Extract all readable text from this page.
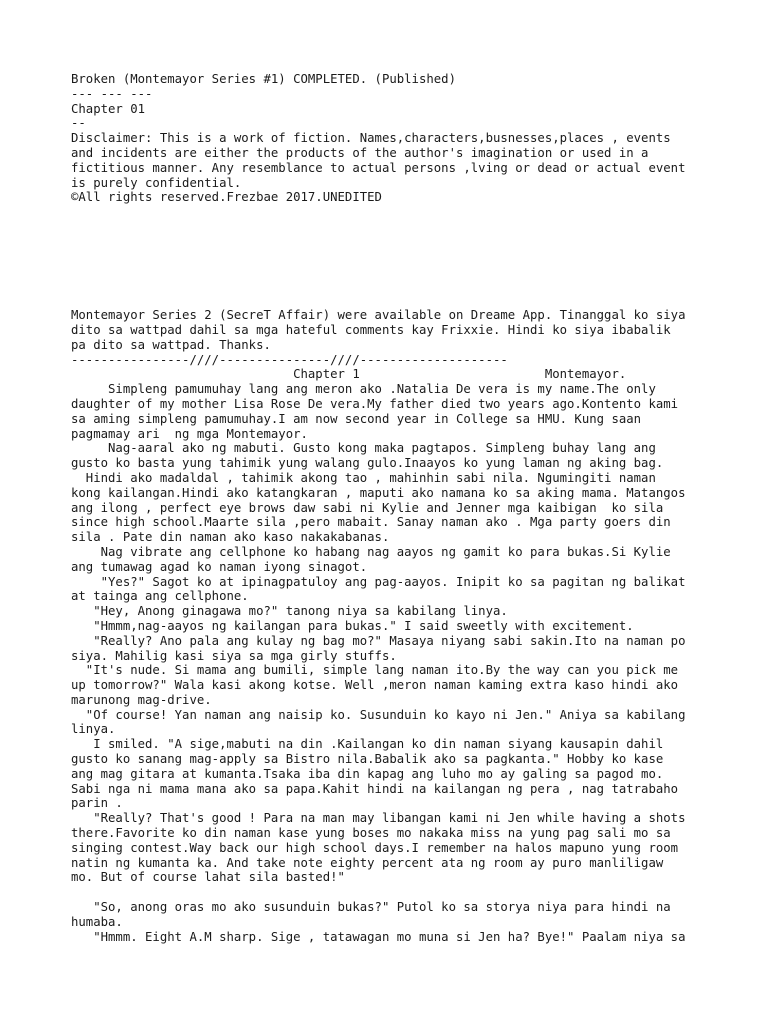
Broken (Montemayor Series #1) COMPLETED. (Published)
--- --- ---
Chapter 01
--
Disclaimer: This is a work of fiction. Names,characters,busnesses,places , events
and incidents are either the products of the author's imagination or used in a
fictitious manner. Any resemblance to actual persons ,lving or dead or actual event
is purely confidential.
©All rights reserved.Frezbae 2017.UNEDITED
Montemayor Series 2 (SecreT Affair) were available on Dreame App. Tinanggal ko siya
dito sa wattpad dahil sa mga hateful comments kay Frixxie. Hindi ko siya ibabalik
pa dito sa wattpad. Thanks.
----------------////---------------////--------------------
Chapter 1                         Montemayor.
Simpleng pamumuhay lang ang meron ako .Natalia De vera is my name.The only
daughter of my mother Lisa Rose De vera.My father died two years ago.Kontento kami
sa aming simpleng pamumuhay.I am now second year in College sa HMU. Kung saan
pagmamay ari  ng mga Montemayor.
Nag-aaral ako ng mabuti. Gusto kong maka pagtapos. Simpleng buhay lang ang
gusto ko basta yung tahimik yung walang gulo.Inaayos ko yung laman ng aking bag.
Hindi ako madaldal , tahimik akong tao , mahinhin sabi nila. Ngumingiti naman
kong kailangan.Hindi ako katangkaran , maputi ako namana ko sa aking mama. Matangos
ang ilong , perfect eye brows daw sabi ni Kylie and Jenner mga kaibigan  ko sila
since high school.Maarte sila ,pero mabait. Sanay naman ako . Mga party goers din
sila . Pate din naman ako kaso nakakabanas.
Nag vibrate ang cellphone ko habang nag aayos ng gamit ko para bukas.Si Kylie
ang tumawag agad ko naman iyong sinagot.
"Yes?" Sagot ko at ipinagpatuloy ang pag-aayos. Inipit ko sa pagitan ng balikat
at tainga ang cellphone.
"Hey, Anong ginagawa mo?" tanong niya sa kabilang linya.
"Hmmm,nag-aayos ng kailangan para bukas." I said sweetly with excitement.
"Really? Ano pala ang kulay ng bag mo?" Masaya niyang sabi sakin.Ito na naman po
siya. Mahilig kasi siya sa mga girly stuffs.
"It's nude. Si mama ang bumili, simple lang naman ito.By the way can you pick me
up tomorrow?" Wala kasi akong kotse. Well ,meron naman kaming extra kaso hindi ako
marunong mag-drive.
"Of course! Yan naman ang naisip ko. Susunduin ko kayo ni Jen." Aniya sa kabilang
linya.
I smiled. "A sige,mabuti na din .Kailangan ko din naman siyang kausapin dahil
gusto ko sanang mag-apply sa Bistro nila.Babalik ako sa pagkanta." Hobby ko kase
ang mag gitara at kumanta.Tsaka iba din kapag ang luho mo ay galing sa pagod mo.
Sabi nga ni mama mana ako sa papa.Kahit hindi na kailangan ng pera , nag tatrabaho
parin .
"Really? That's good ! Para na man may libangan kami ni Jen while having a shots
there.Favorite ko din naman kase yung boses mo nakaka miss na yung pag sali mo sa
singing contest.Way back our high school days.I remember na halos mapuno yung room
natin ng kumanta ka. And take note eighty percent ata ng room ay puro manliligaw
mo. But of course lahat sila basted!"
"So, anong oras mo ako susunduin bukas?" Putol ko sa storya niya para hindi na
humaba.
"Hmmm. Eight A.M sharp. Sige , tatawagan mo muna si Jen ha? Bye!" Paalam niya sa
